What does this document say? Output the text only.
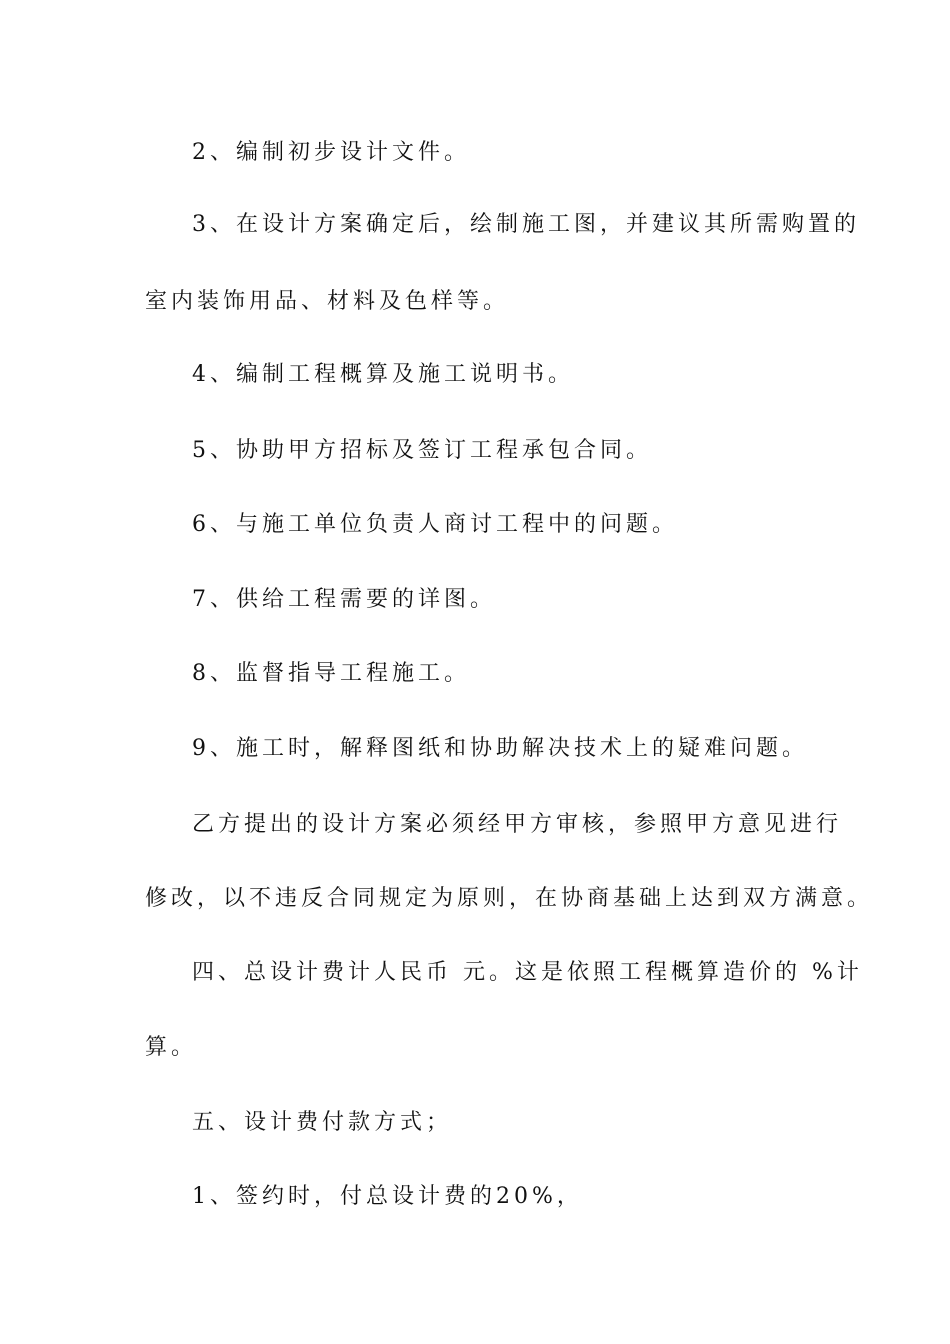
2、编制初步设计文件。
3、在设计方案确定后，绘制施工图，并建议其所需购置的
室内装饰用品、材料及色样等。
4、编制工程概算及施工说明书。
5、协助甲方招标及签订工程承包合同。
6、与施工单位负责人商讨工程中的问题。
7、供给工程需要的详图。
8、监督指导工程施工。
9、施工时，解释图纸和协助解决技术上的疑难问题。
乙方提出的设计方案必须经甲方审核，参照甲方意见进行
修改，以不违反合同规定为原则，在协商基础上达到双方满意。
四、总设计费计人民币 元。这是依照工程概算造价的 %计
算。
五、设计费付款方式；
1、签约时，付总设计费的20%，
